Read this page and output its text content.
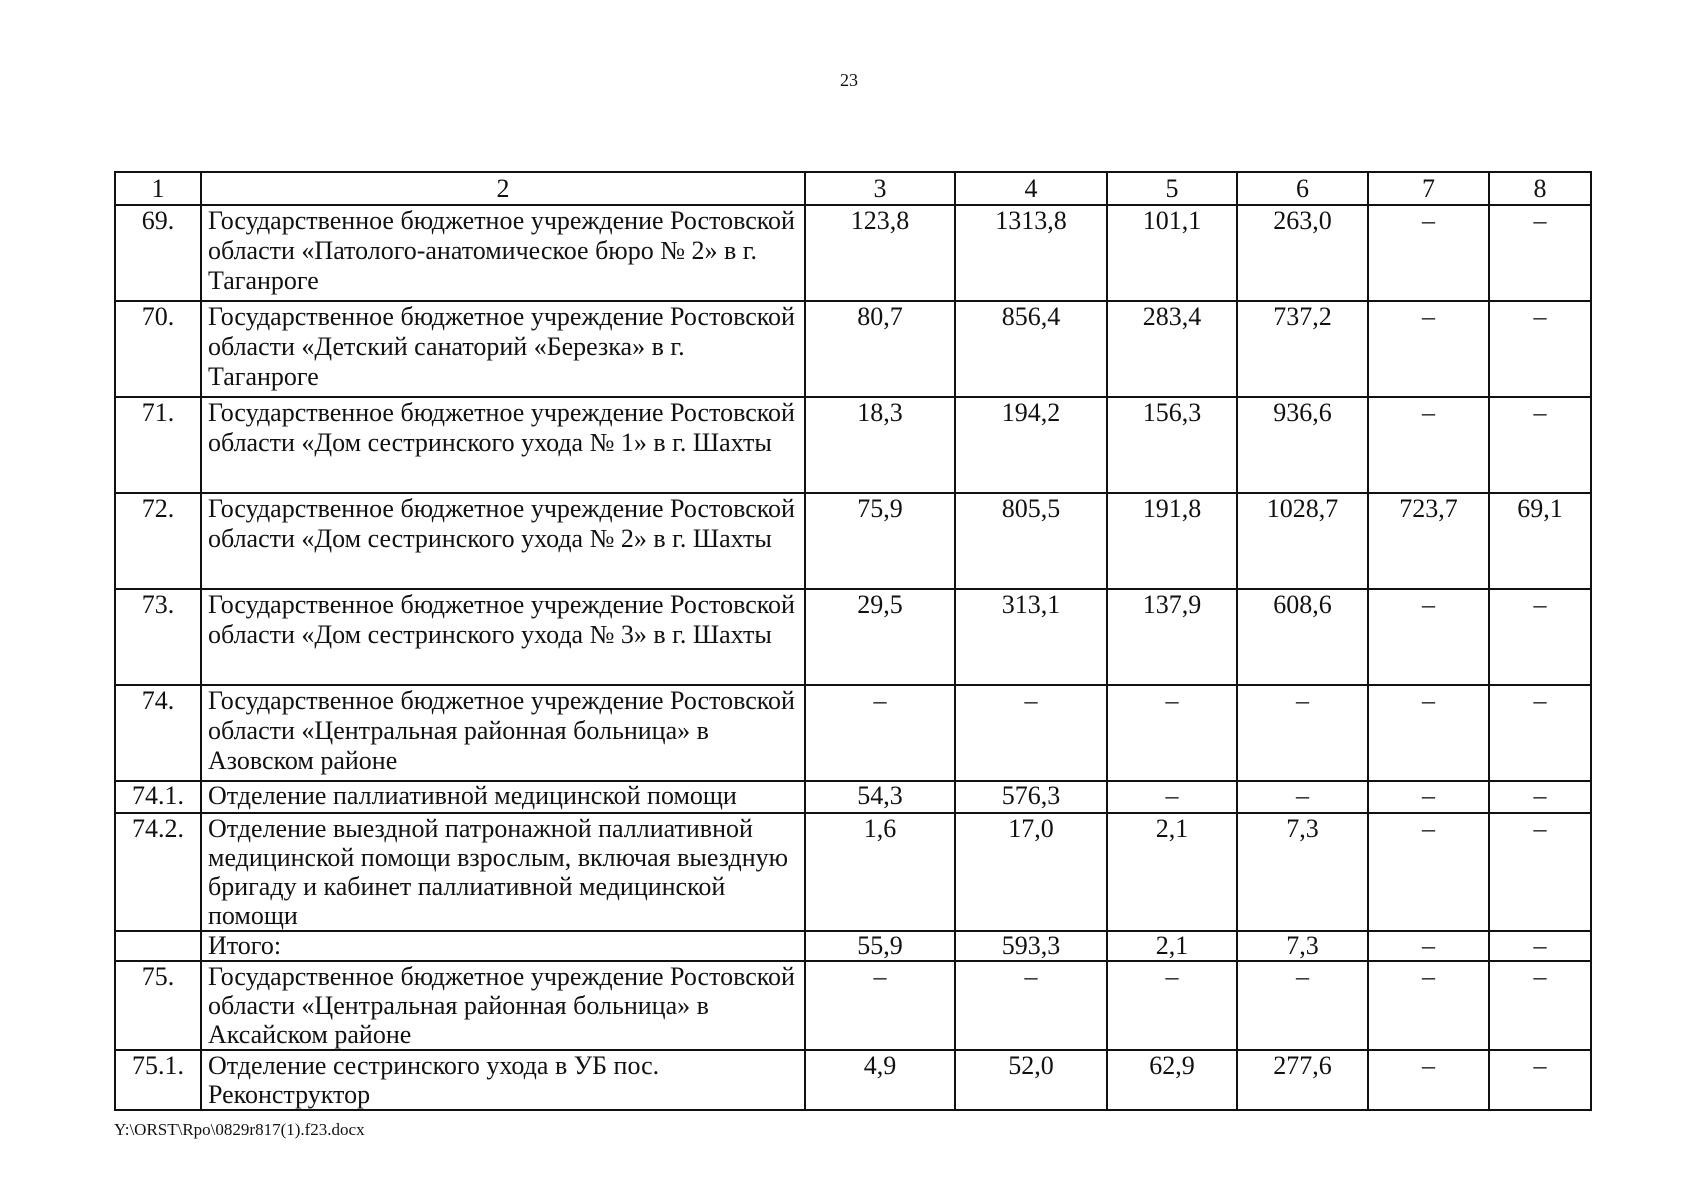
23
1	2	3	4	5	6	7	8
69.	Государственное бюджетное учреждение Ростовской области «Патолого-анатомическое бюро № 2» в г. Таганроге	123,8	1313,8	101,1	263,0	–	–
70.	Государственное бюджетное учреждение Ростовской области «Детский санаторий «Березка» в г. Таганроге	80,7	856,4	283,4	737,2	–	–
71.	Государственное бюджетное учреждение Ростовской области «Дом сестринского ухода № 1» в г. Шахты	18,3	194,2	156,3	936,6	–	–
72.	Государственное бюджетное учреждение Ростовской области «Дом сестринского ухода № 2» в г. Шахты	75,9	805,5	191,8	1028,7	723,7	69,1
73.	Государственное бюджетное учреждение Ростовской области «Дом сестринского ухода № 3» в г. Шахты	29,5	313,1	137,9	608,6	–	–
74.	Государственное бюджетное учреждение Ростовской области «Центральная районная больница» в Азовском районе	–	–	–	–	–	–
74.1.	Отделение паллиативной медицинской помощи	54,3	576,3	–	–	–	–
74.2.	Отделение выездной патронажной паллиативной медицинской помощи взрослым, включая выездную бригаду и кабинет паллиативной медицинской помощи	1,6	17,0	2,1	7,3	–	–
	Итого:	55,9	593,3	2,1	7,3	–	–
75.	Государственное бюджетное учреждение Ростовской области «Центральная районная больница» в Аксайском районе	–	–	–	–	–	–
75.1.	Отделение сестринского ухода в УБ пос. Реконструктор	4,9	52,0	62,9	277,6	–	–
Y:\ORST\Rpo\0829r817(1).f23.docx
